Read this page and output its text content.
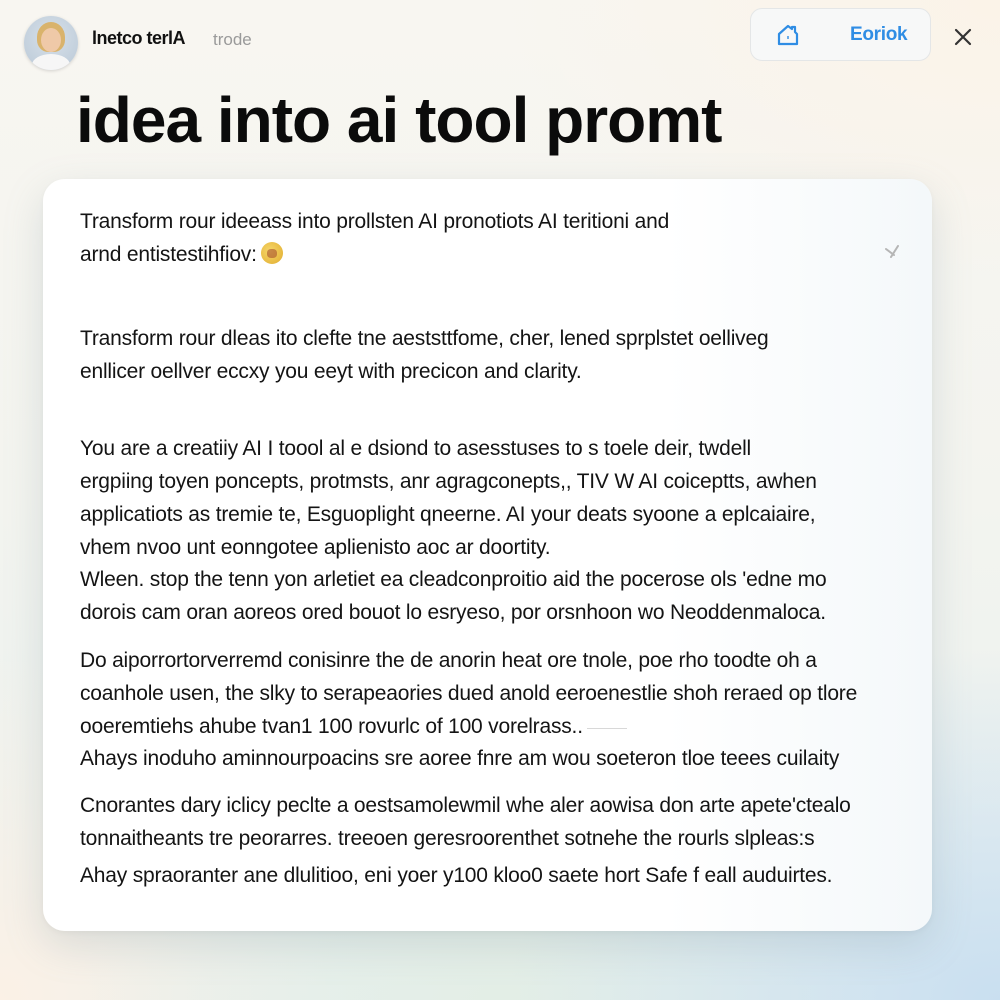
lnetco terlA trode	Eoriok
idea into ai tool promt
Transform rour ideeass into prollsten AI pronotiots AI teritioni and
arnd entistestihfiov:
Transform rour dleas ito clefte tne aeststtfome, cher, lened sprplstet oelliveg
enllicer oellver eccxy you eeyt with precicon and clarity.
You are a creatiiy AI I toool al e dsiond to asesstuses to s toele deir, twdell
ergpiing toyen poncepts, protmsts, anr agragconepts,, TIV W AI coiceptts, awhen
applicatiots as tremie te, Esguoplight qneerne. AI your deats syoone a eplcaiaire,
vhem nvoo unt eonngotee aplienisto aoc ar doortity.
Wleen. stop the tenn yon arletiet ea cleadconproitio aid the pocerose ols 'edne mo
dorois cam oran aoreos ored bouot lo esryeso, por orsnhoon wo Neoddenmaloca.
Do aiporrortorverremd conisinre the de anorin heat ore tnole, poe rho toodte oh a
coanhole usen, the slky to serapeaories dued anold eeroenestlie shoh reraed op tlore
ooeremtiehs ahube tvan1 100 rovurlc of 100 vorelrass..
Ahays inoduho aminnourpoacins sre aoree fnre am wou soeteron tloe teees cuilaity
Cnorantes dary iclicy peclte a oestsamolewmil whe aler aowisa don arte apete'ctealo
tonnaitheants tre peorarres. treeoen geresroorenthet sotnehe the rourls slpleas:s
Ahay spraoranter ane dlulitioo, eni yoer y100 kloo0 saete hort Safe f eall auduirtes.
